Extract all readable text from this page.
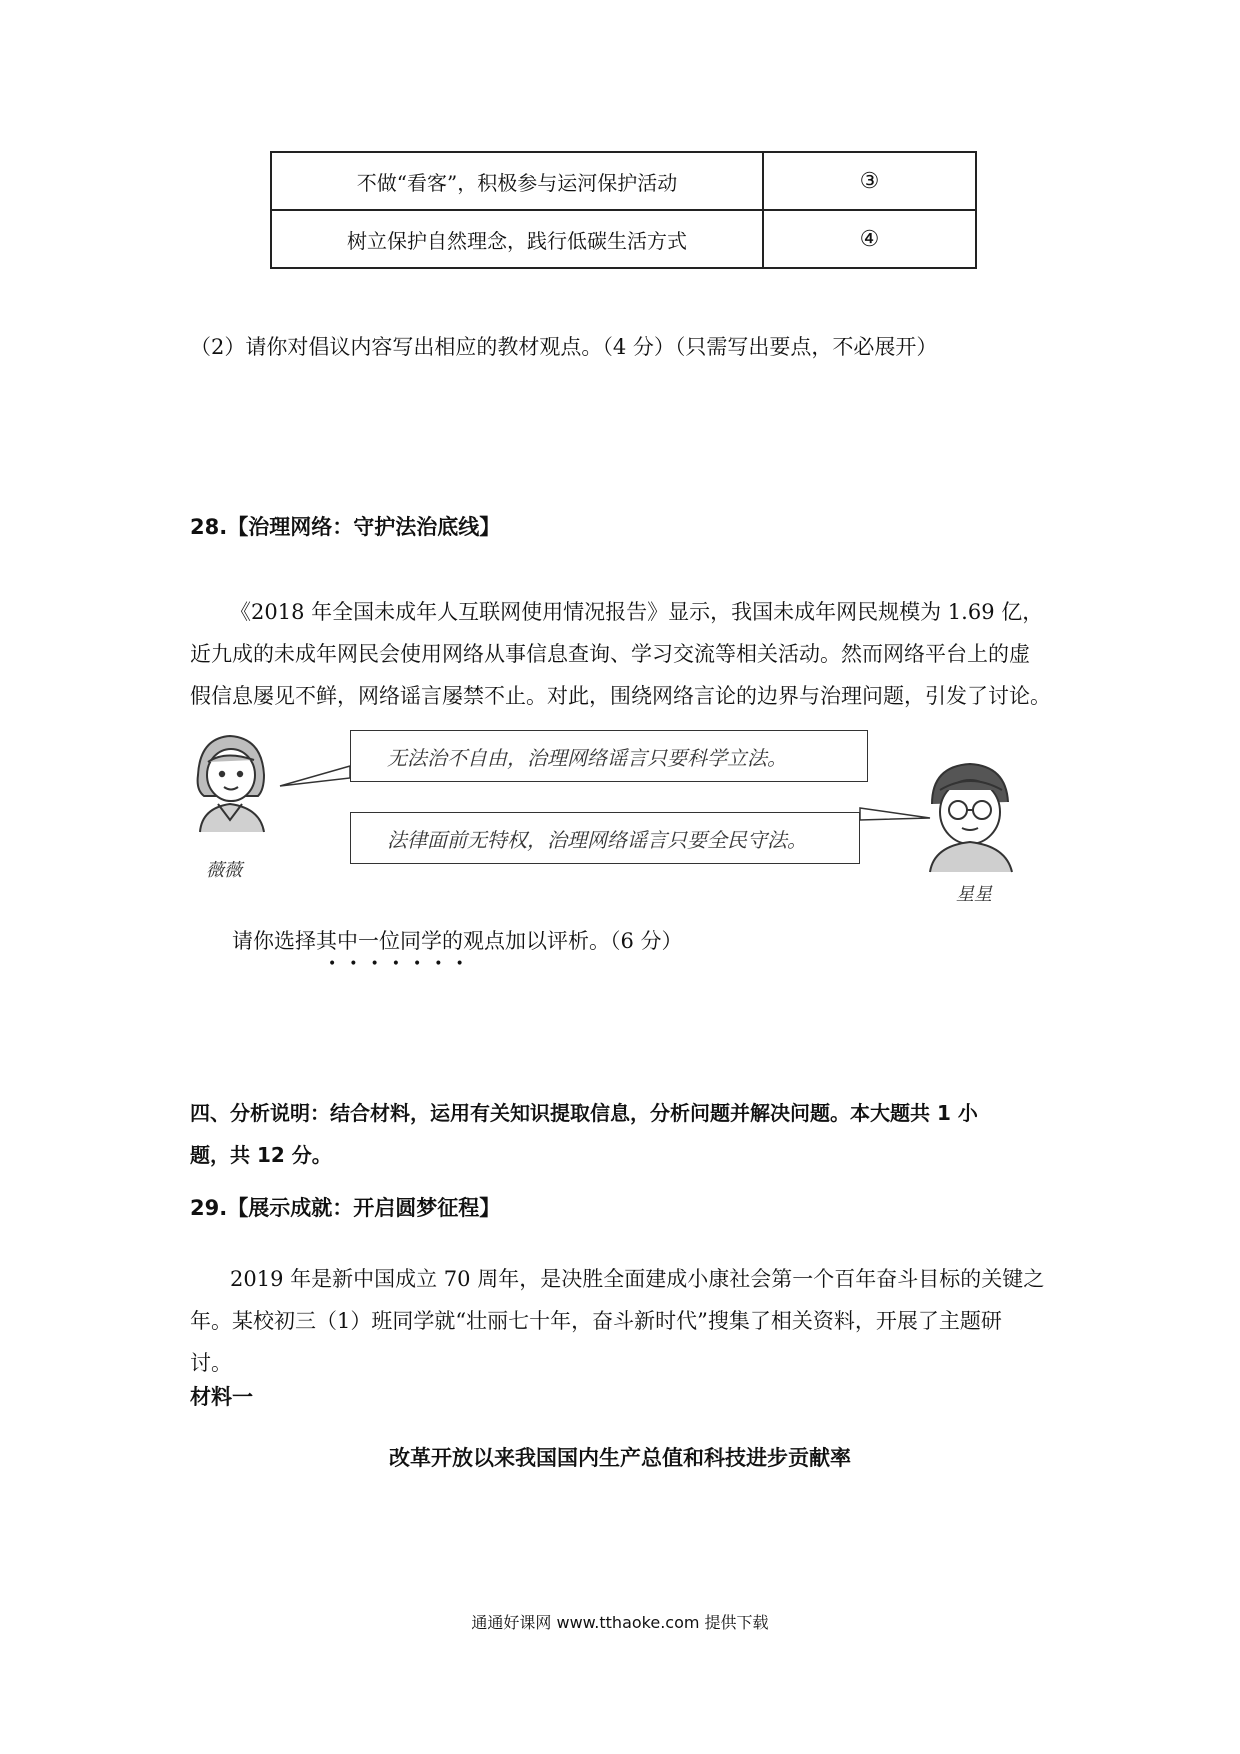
不做“看客”，积极参与运河保护活动	③
树立保护自然理念，践行低碳生活方式	④
（2）请你对倡议内容写出相应的教材观点。（4 分）（只需写出要点，不必展开）
28.【治理网络：守护法治底线】

《2018 年全国未成年人互联网使用情况报告》显示，我国未成年网民规模为 1.69 亿，

近九成的未成年网民会使用网络从事信息查询、学习交流等相关活动。然而网络平台上的虚

假信息屡见不鲜，网络谣言屡禁不止。对此，围绕网络言论的边界与治理问题，引发了讨论。

无法治不自由，治理网络谣言只要科学立法。
法律面前无特权，治理网络谣言只要全民守法。
薇薇
星星
请你选择其中一位同学的观点加以评析。（6 分）
•••••••
四、分析说明：结合材料，运用有关知识提取信息，分析问题并解决问题。本大题共 1 小
题，共 12 分。
29.【展示成就：开启圆梦征程】

2019 年是新中国成立 70 周年，是决胜全面建成小康社会第一个百年奋斗目标的关键之

年。某校初三（1）班同学就“壮丽七十年，奋斗新时代”搜集了相关资料，开展了主题研

讨。

材料一
改革开放以来我国国内生产总值和科技进步贡献率
通通好课网 www.tthaoke.com 提供下载
